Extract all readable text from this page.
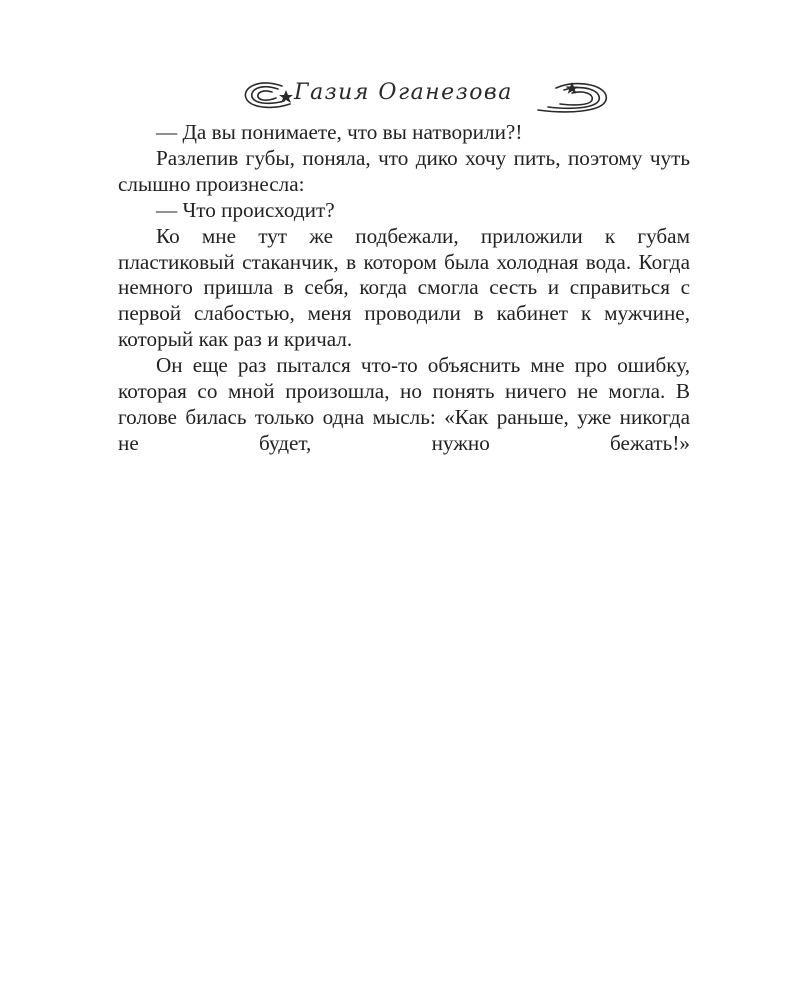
Газия Оганезова

— Да вы понимаете, что вы натворили?!

Разлепив губы, поняла, что дико хочу пить, поэтому чуть слышно произнесла:

— Что происходит?

Ко мне тут же подбежали, приложили к губам пластиковый стаканчик, в котором была холодная вода. Когда немного пришла в себя, когда смогла сесть и справиться с первой слабостью, меня проводили в кабинет к мужчине, который как раз и кричал.

Он еще раз пытался что-то объяснить мне про ошибку, которая со мной произошла, но понять ничего не могла. В голове билась только одна мысль: «Как раньше, уже никогда не будет, нужно бежать!»
